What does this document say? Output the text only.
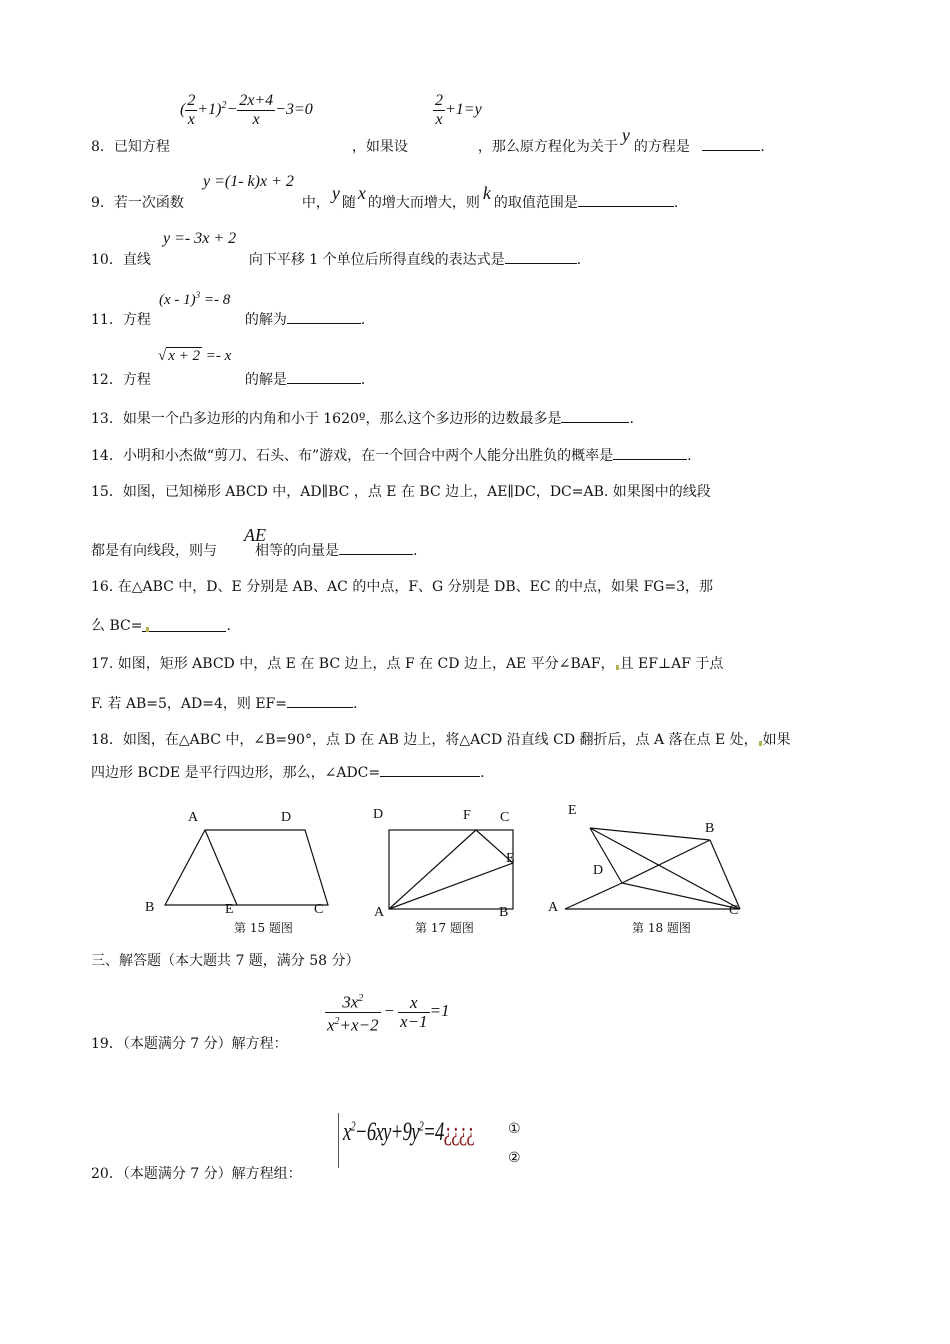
( $\frac{2}{x} +1)^2- \frac{2x+4}{x} -3=0$	$\frac{2}{x} +1=y$
8．已知方程	，如果设	，那么原方程化为关于y的方程是	.
y =(1- k)x + 2
9．若一次函数	中， y 随 x 的增大而增大，则 k 的取值范围是	.
y =- 3x + 2
10．直线	向下平移 1 个单位后所得直线的表达式是	.
(x - 1)$^3$ =- 8
11．方程	的解为	.
√ x + 2 =- x
12．方程	的解是	.
13．如果一个凸多边形的内角和小于 1620º，那么这个多边形的边数最多是	.
14．小明和小杰做“剪刀、石头、布”游戏，在一个回合中两个人能分出胜负的概率是	.
15．如图，已知梯形 ABCD 中，AD∥BC ，点 E 在 BC 边上，AE∥DC，DC=AB. 如果图中的线段
AE
都是有向线段，则与	相等的向量是	.
16. 在△ABC 中，D、E 分别是 AB、AC 的中点，F、G 分别是 DB、EC 的中点，如果 FG=3，那
么 BC=	.
17. 如图，矩形 ABCD 中，点 E 在 BC 边上，点 F 在 CD 边上，AE 平分∠BAF， 且 EF⊥AF 于点
F. 若 AB=5，AD=4，则 EF=	.
18．如图，在△ABC 中，∠B=90°，点 D 在 AB 边上，将△ACD 沿直线 CD 翻折后，点 A 落在点 E 处， 如果
四边形 BCDE 是平行四边形，那么，∠ADC=	.
A	D
B	E	C
第 15 题图
D	F C
E
A	B
第 17 题图
E
B
D
A	C
第 18 题图
三、解答题（本大题共 7 题，满分 58 分）
$\frac{3x^2}{x^2+x-2} - \frac{x}{x-1} =1$
19．（本题满分 7 分）解方程：
$x^2-6xy+9y^2=4¿¿¿¿$ ①
②
20．（本题满分 7 分）解方程组：
